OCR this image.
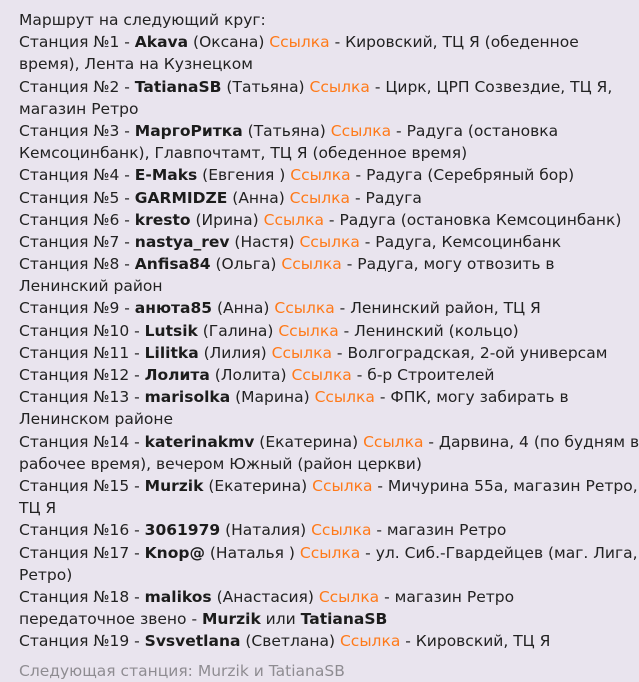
Маршрут на следующий круг:
Станция №1 - Akava (Оксана) Ссылка - Кировский, ТЦ Я (обеденное
время), Лента на Кузнецком
Станция №2 - TatianaSB (Татьяна) Ссылка - Цирк, ЦРП Созвездие, ТЦ Я,
магазин Ретро
Станция №3 - МаргоРитка (Татьяна) Ссылка - Радуга (остановка
Кемсоцинбанк), Главпочтамт, ТЦ Я (обеденное время)
Станция №4 - E-Maks (Евгения ) Ссылка - Радуга (Серебряный бор)
Станция №5 - GARMIDZE (Анна) Ссылка - Радуга
Станция №6 - kresto (Ирина) Ссылка - Радуга (остановка Кемсоцинбанк)
Станция №7 - nastya_rev (Настя) Ссылка - Радуга, Кемсоцинбанк
Станция №8 - Anfisa84 (Ольга) Ссылка - Радуга, могу отвозить в
Ленинский район
Станция №9 - анюта85 (Анна) Ссылка - Ленинский район, ТЦ Я
Станция №10 - Lutsik (Галина) Ссылка - Ленинский (кольцо)
Станция №11 - Lilitka (Лилия) Ссылка - Волгоградская, 2-ой универсам
Станция №12 - Лолита (Лолита) Ссылка - б-р Строителей
Станция №13 - marisolka (Марина) Ссылка - ФПК, могу забирать в
Ленинском районе
Станция №14 - katerinakmv (Екатерина) Ссылка - Дарвина, 4 (по будням в
рабочее время), вечером Южный (район церкви)
Станция №15 - Murzik (Екатерина) Ссылка - Мичурина 55а, магазин Ретро,
ТЦ Я
Станция №16 - 3061979 (Наталия) Ссылка - магазин Ретро
Станция №17 - Knop@ (Наталья ) Ссылка - ул. Сиб.-Гвардейцев (маг. Лига,
Ретро)
Станция №18 - malikos (Анастасия) Ссылка - магазин Ретро
передаточное звено - Murzik или TatianaSB
Станция №19 - Svsvetlana (Светлана) Ссылка - Кировский, ТЦ Я
Следующая станция: Murzik и TatianaSB
